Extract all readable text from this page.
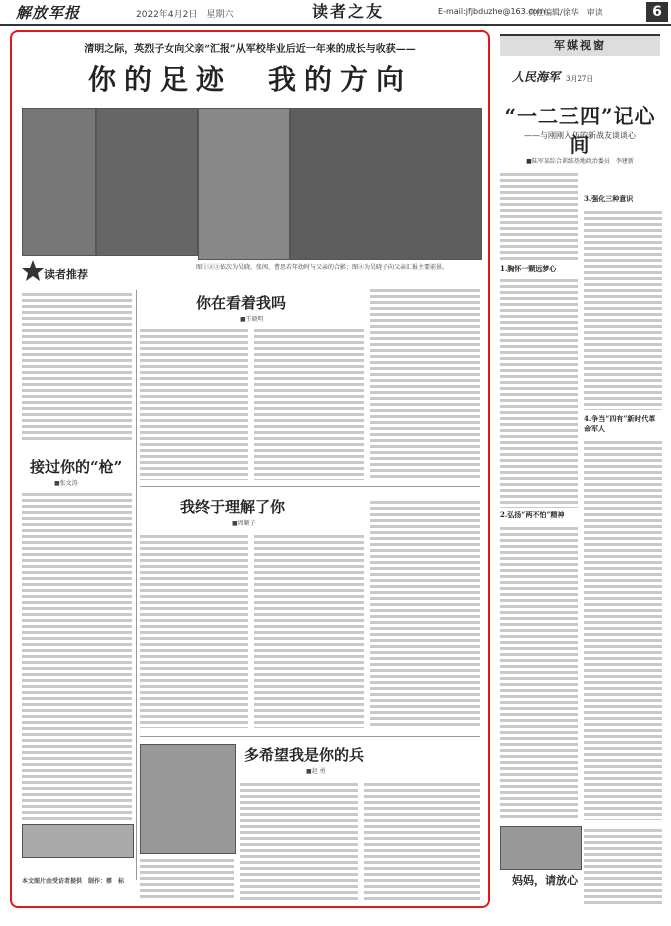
解放军报	2022年4月2日　星期六	读者之友	E-mail:jfjbduzhe@163.com
责任编辑/徐华　审读	6
清明之际，英烈子女向父亲“汇报”从军校毕业后近一年来的成长与收获——
你的足迹　我的方向
图①②③依次为吴晓、张闯、曹思若年幼时与父亲的合影；图④为吴晓子向父亲汇报主要前景。
读者推荐
接过你的“枪”
■张文涛
本文图片由受访者提供　制作：蔡　标
你在看着我吗
■王晓明
我终于理解了你
■周颖子
多希望我是你的兵
■赵 勇
军媒视窗
人民海军 3月27日
“一二三四”记心间
——与刚刚入伍的新战友谈谈心
■陆军某综合训练基地政治委员　李建新
1.胸怀一颗远梦心
2.弘扬“两不怕”精神
3.强化三种意识
4.争当“四有”新时代革命军人
妈妈，请放心
